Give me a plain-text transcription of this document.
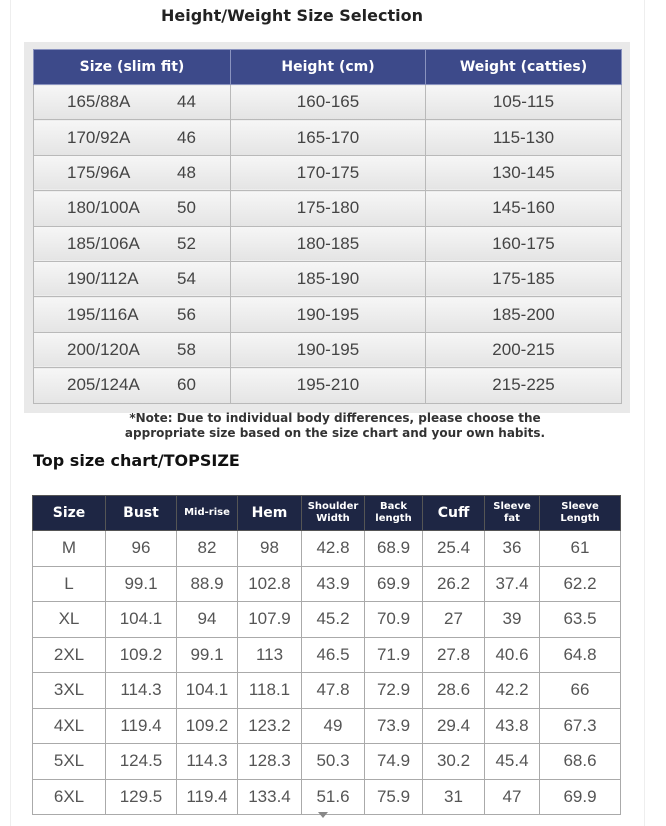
Height/Weight Size Selection
Size (slim fit)	Height (cm)	Weight (catties)
165/88A 44	160-165	105-115
170/92A 46	165-170	115-130
175/96A 48	170-175	130-145
180/100A 50	175-180	145-160
185/106A 52	180-185	160-175
190/112A 54	185-190	175-185
195/116A 56	190-195	185-200
200/120A 58	190-195	200-215
205/124A 60	195-210	215-225
*Note: Due to individual body differences, please choose the
appropriate size based on the size chart and your own habits.
Top size chart/TOPSIZE
Size	Bust	Mid-rise	Hem	Shoulder Width	Back length	Cuff	Sleeve fat	Sleeve Length
M	96	82	98	42.8	68.9	25.4	36	61
L	99.1	88.9	102.8	43.9	69.9	26.2	37.4	62.2
XL	104.1	94	107.9	45.2	70.9	27	39	63.5
2XL	109.2	99.1	113	46.5	71.9	27.8	40.6	64.8
3XL	114.3	104.1	118.1	47.8	72.9	28.6	42.2	66
4XL	119.4	109.2	123.2	49	73.9	29.4	43.8	67.3
5XL	124.5	114.3	128.3	50.3	74.9	30.2	45.4	68.6
6XL	129.5	119.4	133.4	51.6	75.9	31	47	69.9
